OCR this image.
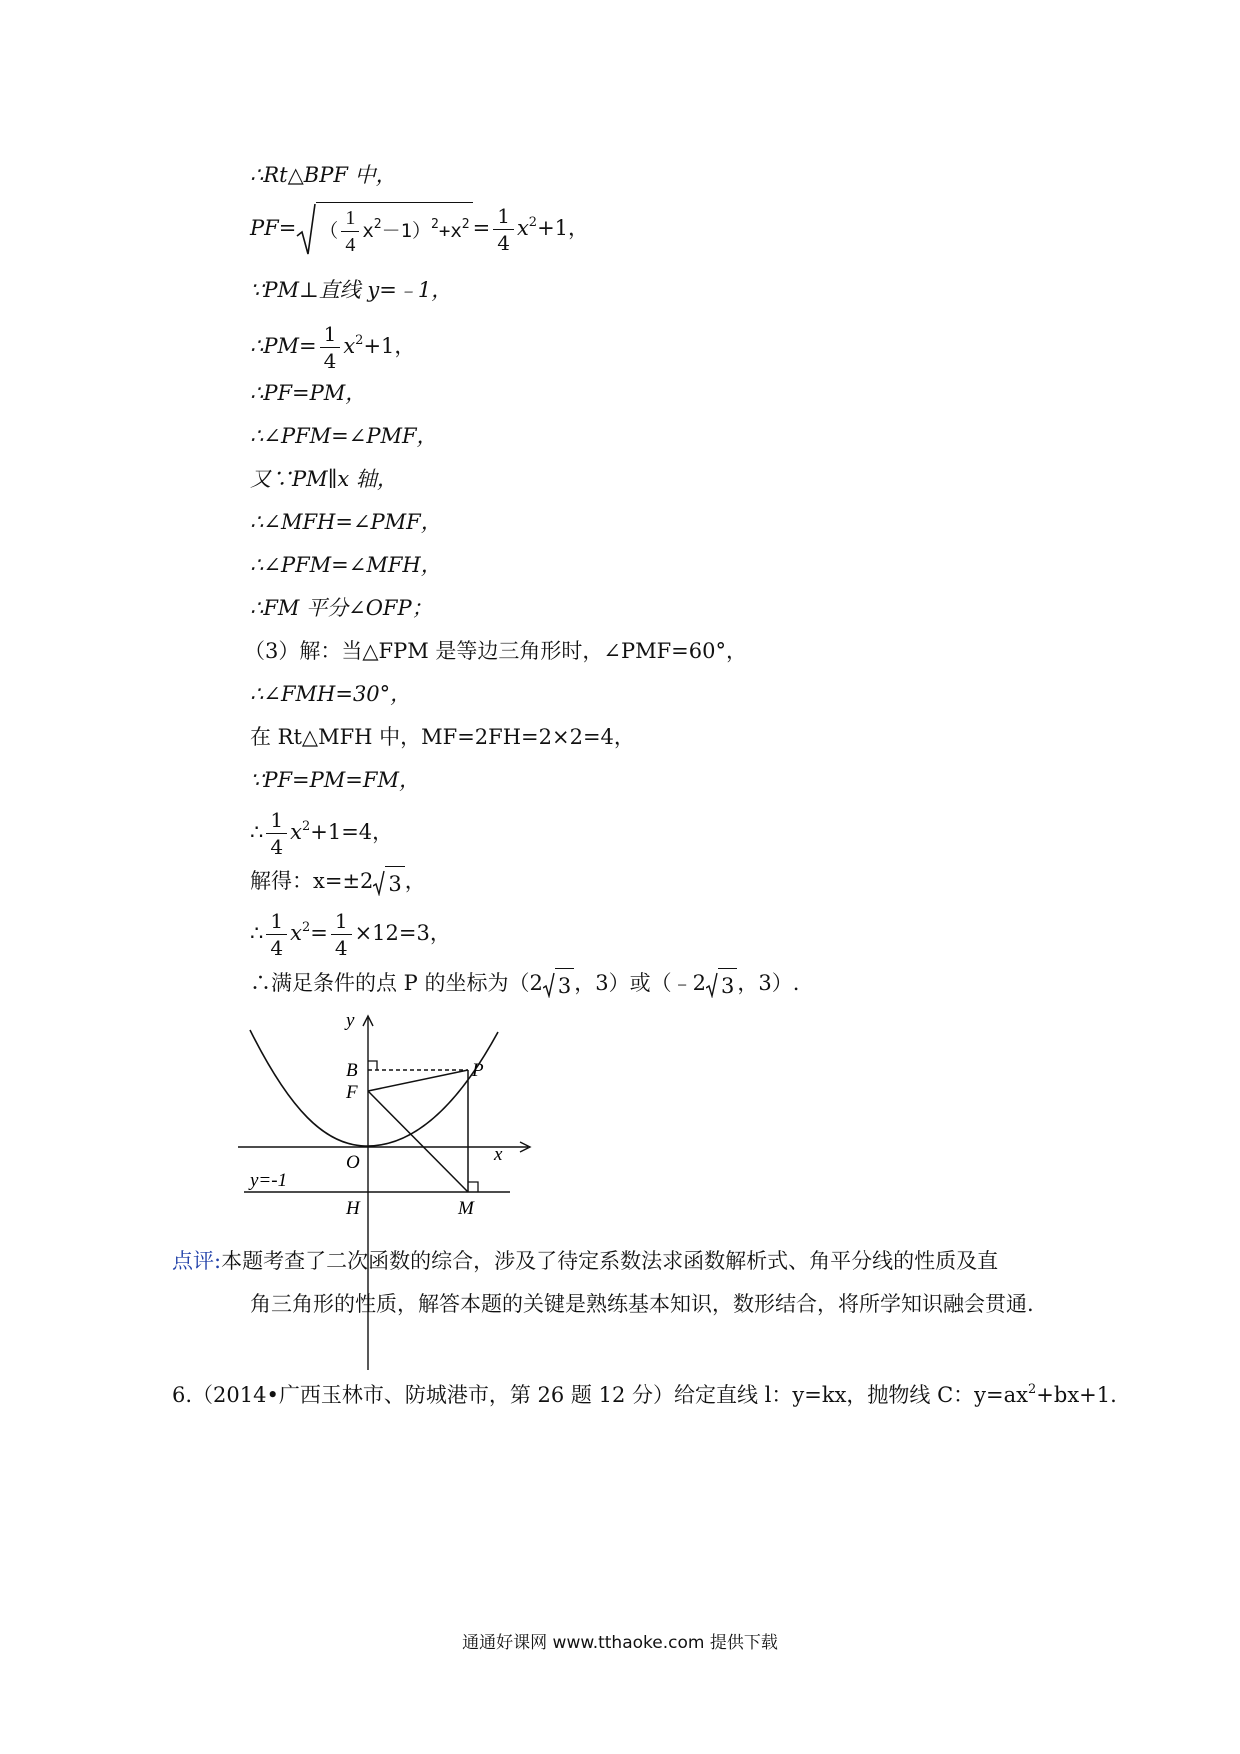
∴Rt△BPF 中，
PF= （ $\frac{1}{4} x^2-1)^2+x^2 = \frac{1}{4} x^2+1$，
∵PM⊥直线 y=﹣1，
∴PM= $\frac{1}{4} x^2+1$，
∴PF=PM，
∴∠PFM=∠PMF，
又∵PM∥x 轴，
∴∠MFH=∠PMF，
∴∠PFM=∠MFH，
∴FM 平分∠OFP；
（3）解：当△FPM 是等边三角形时，∠PMF=60°，
∴∠FMH=30°，
在 Rt△MFH 中，MF=2FH=2×2=4，
∵PF=PM=FM，
∴ $\frac{1}{4} x^2+1=4$，
解得：x=±2 3 ，
∴ $\frac{1}{4} x^2= \frac{1}{4} \times 12=3$，
∴满足条件的点 P 的坐标为（2 3 ，3）或（﹣2 3 ，3）.
y
x
B
F
P
O
H	M
y=-1
点评:本题考查了二次函数的综合，涉及了待定系数法求函数解析式、角平分线的性质及直
角三角形的性质，解答本题的关键是熟练基本知识，数形结合，将所学知识融会贯通.
6.（2014•广西玉林市、防城港市，第 26 题 12 分）给定直线 l：y=kx，抛物线 C：$y=ax^2+bx+1$.
通通好课网 www.tthaoke.com 提供下载
